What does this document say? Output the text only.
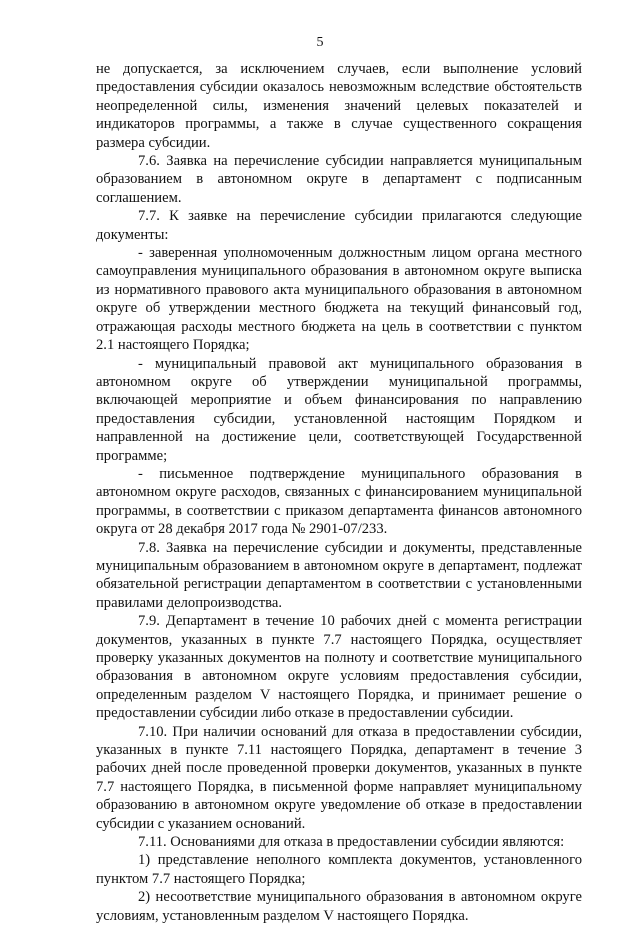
5

не допускается, за исключением случаев, если выполнение условий предоставления субсидии оказалось невозможным вследствие обстоятельств неопределенной силы, изменения значений целевых показателей и индикаторов программы, а также в случае существенного сокращения размера субсидии.

7.6. Заявка на перечисление субсидии направляется муниципальным образованием в автономном округе в департамент с подписанным соглашением.

7.7. К заявке на перечисление субсидии прилагаются следующие документы:

- заверенная уполномоченным должностным лицом органа местного самоуправления муниципального образования в автономном округе выписка из нормативного правового акта муниципального образования в автономном округе об утверждении местного бюджета на текущий финансовый год, отражающая расходы местного бюджета на цель в соответствии с пунктом 2.1 настоящего Порядка;

- муниципальный правовой акт муниципального образования в автономном округе об утверждении муниципальной программы, включающей мероприятие и объем финансирования по направлению предоставления субсидии, установленной настоящим Порядком и направленной на достижение цели, соответствующей Государственной программе;

- письменное подтверждение муниципального образования в автономном округе расходов, связанных с финансированием муниципальной программы, в соответствии с приказом департамента финансов автономного округа от 28 декабря 2017 года № 2901-07/233.

7.8. Заявка на перечисление субсидии и документы, представленные муниципальным образованием в автономном округе в департамент, подлежат обязательной регистрации департаментом в соответствии с установленными правилами делопроизводства.

7.9. Департамент в течение 10 рабочих дней с момента регистрации документов, указанных в пункте 7.7 настоящего Порядка, осуществляет проверку указанных документов на полноту и соответствие муниципального образования в автономном округе условиям предоставления субсидии, определенным разделом V настоящего Порядка, и принимает решение о предоставлении субсидии либо отказе в предоставлении субсидии.

7.10. При наличии оснований для отказа в предоставлении субсидии, указанных в пункте 7.11 настоящего Порядка, департамент в течение 3 рабочих дней после проведенной проверки документов, указанных в пункте 7.7 настоящего Порядка, в письменной форме направляет муниципальному образованию в автономном округе уведомление об отказе в предоставлении субсидии с указанием оснований.

7.11. Основаниями для отказа в предоставлении субсидии являются:

1) представление неполного комплекта документов, установленного пунктом 7.7 настоящего Порядка;

2) несоответствие муниципального образования в автономном округе условиям, установленным разделом V настоящего Порядка.
